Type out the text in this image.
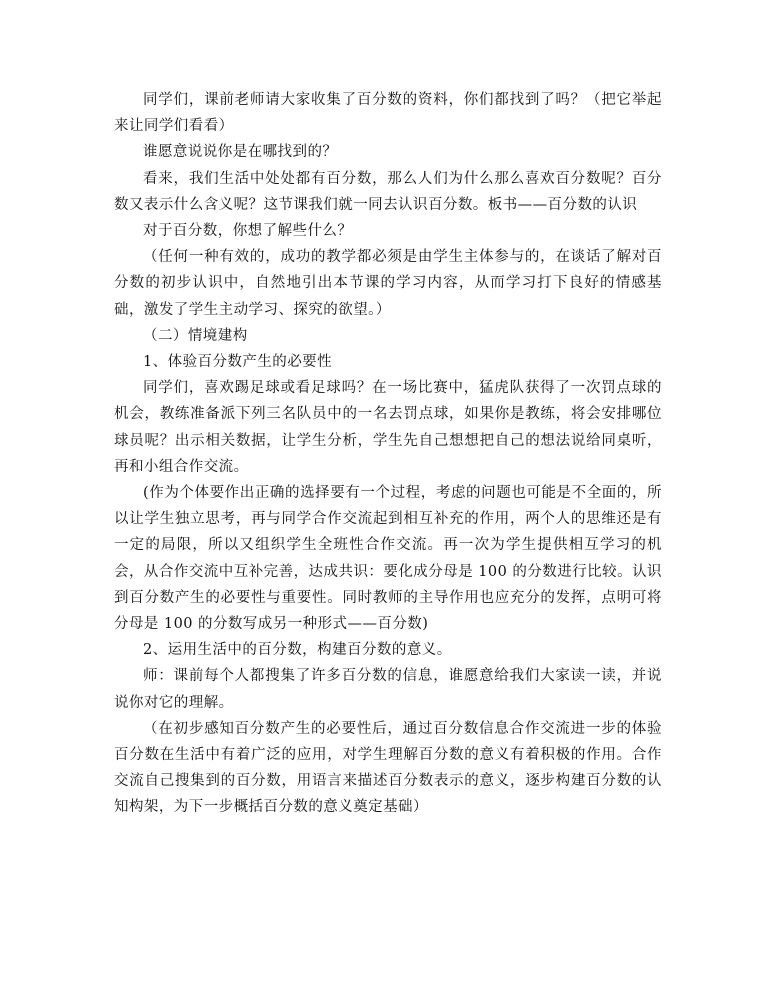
同学们，课前老师请大家收集了百分数的资料，你们都找到了吗？（把它举起来让同学们看看）

谁愿意说说你是在哪找到的？

看来，我们生活中处处都有百分数，那么人们为什么那么喜欢百分数呢？百分数又表示什么含义呢？这节课我们就一同去认识百分数。板书——百分数的认识

对于百分数，你想了解些什么？

（任何一种有效的，成功的教学都必须是由学生主体参与的，在谈话了解对百分数的初步认识中，自然地引出本节课的学习内容，从而学习打下良好的情感基础，激发了学生主动学习、探究的欲望。）

（二）情境建构

1、体验百分数产生的必要性

同学们，喜欢踢足球或看足球吗？在一场比赛中，猛虎队获得了一次罚点球的机会，教练准备派下列三名队员中的一名去罚点球，如果你是教练，将会安排哪位球员呢？出示相关数据，让学生分析，学生先自己想想把自己的想法说给同桌听，再和小组合作交流。

(作为个体要作出正确的选择要有一个过程，考虑的问题也可能是不全面的，所以让学生独立思考，再与同学合作交流起到相互补充的作用，两个人的思维还是有一定的局限，所以又组织学生全班性合作交流。再一次为学生提供相互学习的机会，从合作交流中互补完善，达成共识：要化成分母是 100 的分数进行比较。认识到百分数产生的必要性与重要性。同时教师的主导作用也应充分的发挥，点明可将分母是 100 的分数写成另一种形式——百分数)

2、运用生活中的百分数，构建百分数的意义。

师：课前每个人都搜集了许多百分数的信息，谁愿意给我们大家读一读，并说说你对它的理解。

（在初步感知百分数产生的必要性后，通过百分数信息合作交流进一步的体验百分数在生活中有着广泛的应用，对学生理解百分数的意义有着积极的作用。合作交流自己搜集到的百分数，用语言来描述百分数表示的意义，逐步构建百分数的认知构架，为下一步概括百分数的意义奠定基础）
